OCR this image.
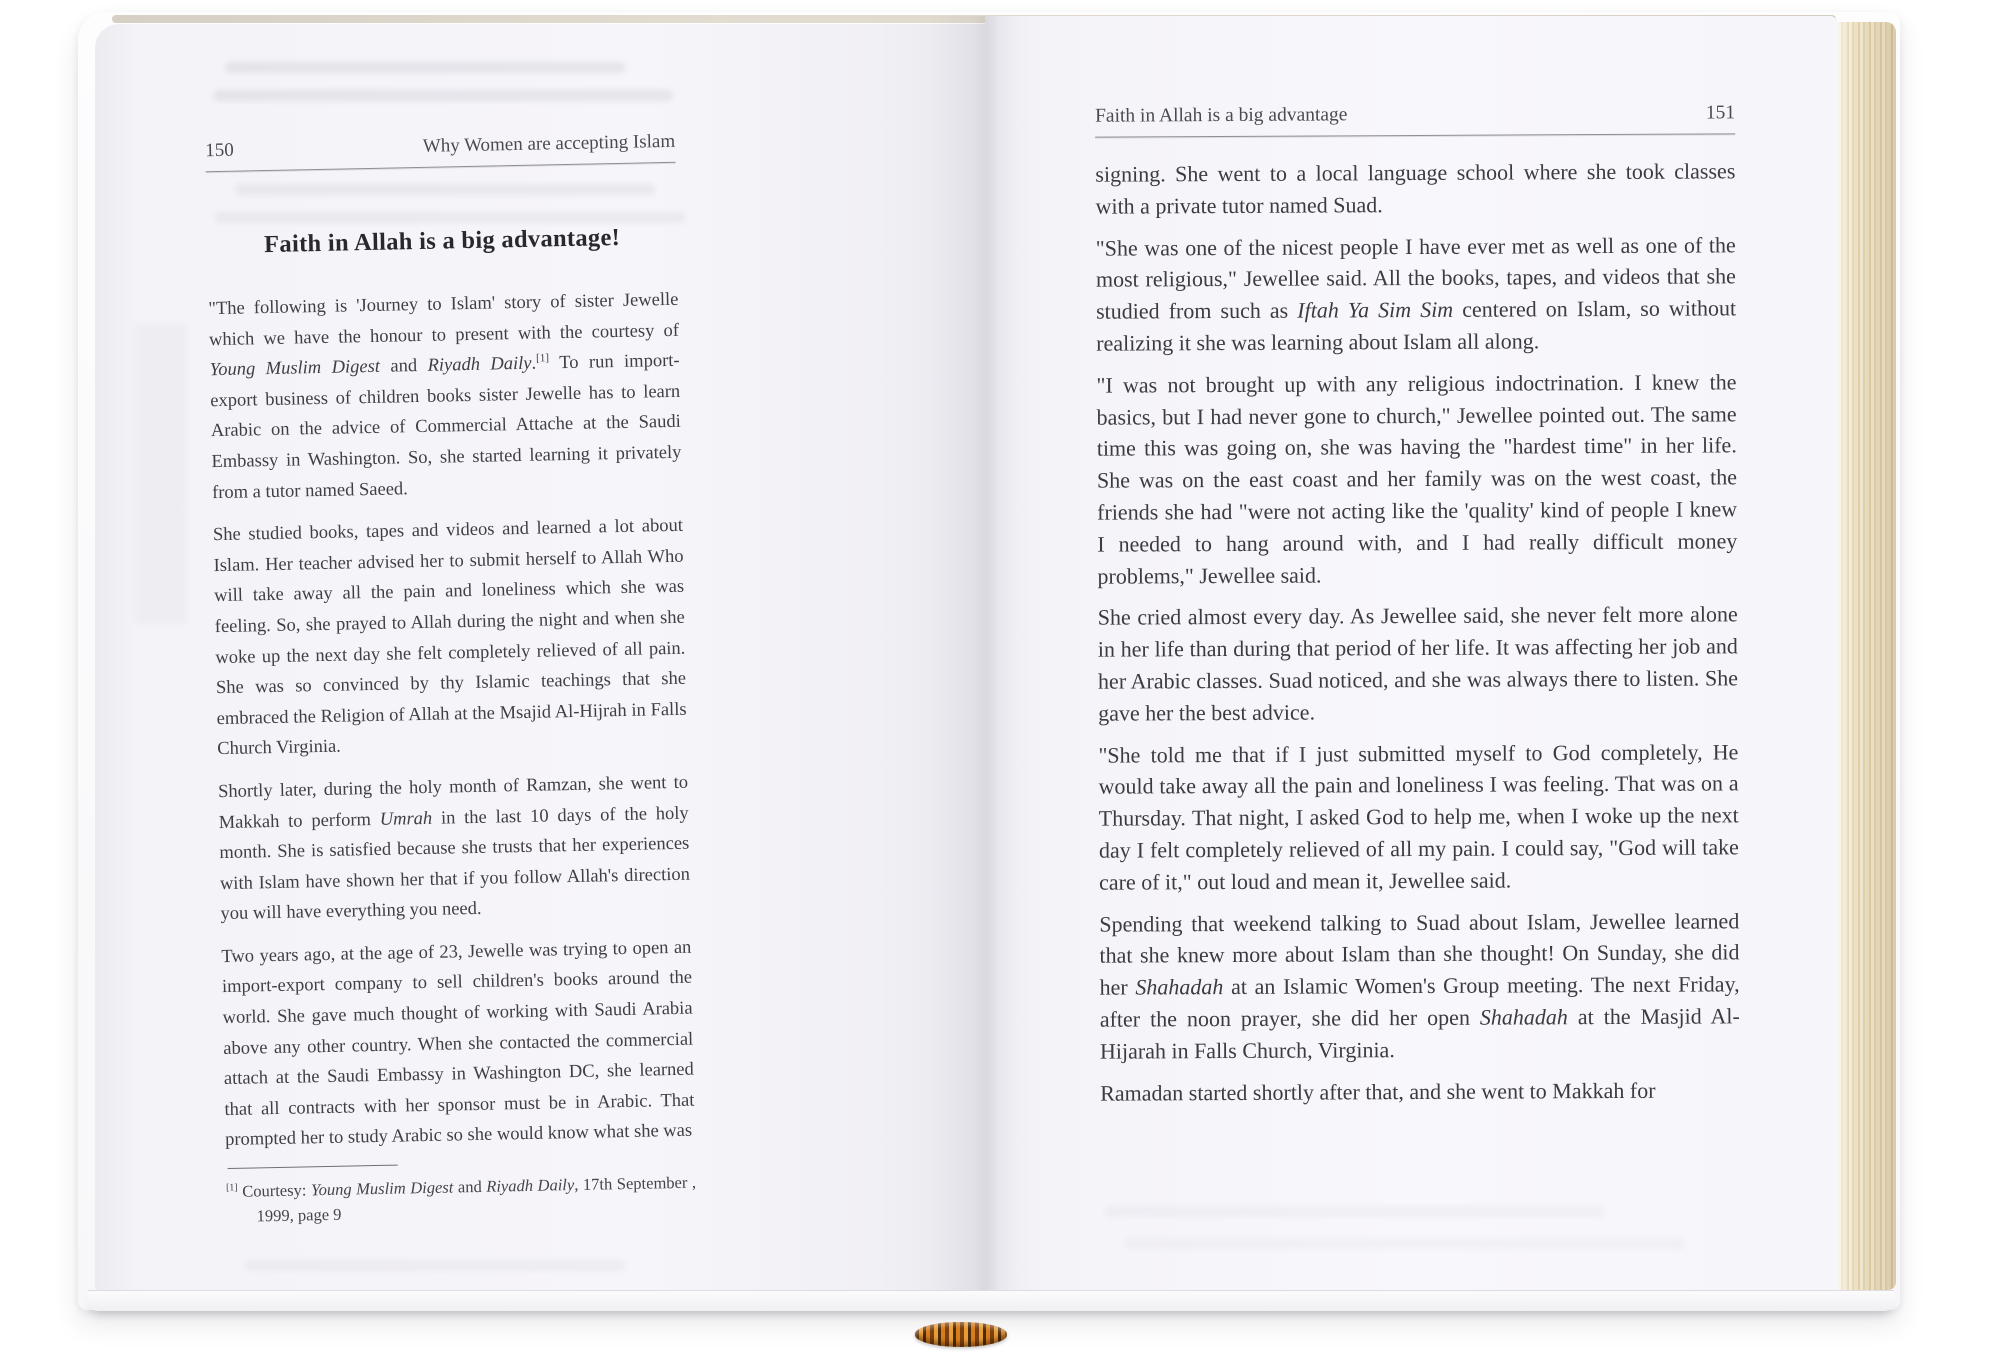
150	Why Women are accepting Islam
Faith in Allah is a big advantage!

"The following is 'Journey to Islam' story of sister Jewelle which we have the honour to present with the courtesy of Young Muslim Digest and Riyadh Daily.[1] To run import-export business of children books sister Jewelle has to learn Arabic on the advice of Commercial Attache at the Saudi Embassy in Washington. So, she started learning it privately from a tutor named Saeed.

She studied books, tapes and videos and learned a lot about Islam. Her teacher advised her to submit herself to Allah Who will take away all the pain and loneliness which she was feeling. So, she prayed to Allah during the night and when she woke up the next day she felt completely relieved of all pain. She was so convinced by thy Islamic teachings that she embraced the Religion of Allah at the Msajid Al-Hijrah in Falls Church Virginia.

Shortly later, during the holy month of Ramzan, she went to Makkah to perform Umrah in the last 10 days of the holy month. She is satisfied because she trusts that her experiences with Islam have shown her that if you follow Allah's direction you will have everything you need.

Two years ago, at the age of 23, Jewelle was trying to open an import-export company to sell children's books around the world. She gave much thought of working with Saudi Arabia above any other country. When she contacted the commercial attach at the Saudi Embassy in Washington DC, she learned that all contracts with her sponsor must be in Arabic. That prompted her to study Arabic so she would know what she was

[1] Courtesy: Young Muslim Digest and Riyadh Daily, 17th September , 1999, page 9

Faith in Allah is a big advantage	151

signing. She went to a local language school where she took classes with a private tutor named Suad.

"She was one of the nicest people I have ever met as well as one of the most religious," Jewellee said. All the books, tapes, and videos that she studied from such as Iftah Ya Sim Sim centered on Islam, so without realizing it she was learning about Islam all along.

"I was not brought up with any religious indoctrination. I knew the basics, but I had never gone to church," Jewellee pointed out. The same time this was going on, she was having the "hardest time" in her life. She was on the east coast and her family was on the west coast, the friends she had "were not acting like the 'quality' kind of people I knew I needed to hang around with, and I had really difficult money problems," Jewellee said.

She cried almost every day. As Jewellee said, she never felt more alone in her life than during that period of her life. It was affecting her job and her Arabic classes. Suad noticed, and she was always there to listen. She gave her the best advice.

"She told me that if I just submitted myself to God completely, He would take away all the pain and loneliness I was feeling. That was on a Thursday. That night, I asked God to help me, when I woke up the next day I felt completely relieved of all my pain. I could say, "God will take care of it," out loud and mean it, Jewellee said.

Spending that weekend talking to Suad about Islam, Jewellee learned that she knew more about Islam than she thought! On Sunday, she did her Shahadah at an Islamic Women's Group meeting. The next Friday, after the noon prayer, she did her open Shahadah at the Masjid Al-Hijarah in Falls Church, Virginia.

Ramadan started shortly after that, and she went to Makkah for
